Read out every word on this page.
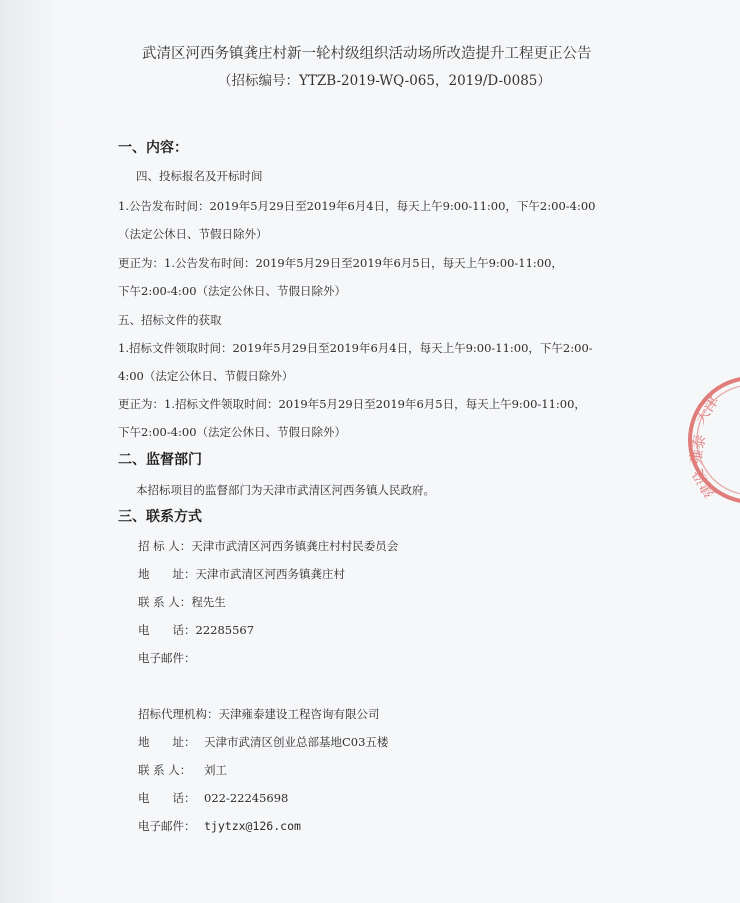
武清区河西务镇龚庄村新一轮村级组织活动场所改造提升工程更正公告
（招标编号：YTZB-2019-WQ-065，2019/D-0085）
一、内容：
四、投标报名及开标时间
1.公告发布时间：2019年5月29日至2019年6月4日，每天上午9:00-11:00，下午2:00-4:00
（法定公休日、节假日除外）
更正为：1.公告发布时间：2019年5月29日至2019年6月5日，每天上午9:00-11:00，
下午2:00-4:00（法定公休日、节假日除外）
五、招标文件的获取
1.招标文件领取时间：2019年5月29日至2019年6月4日，每天上午9:00-11:00，下午2:00-
4:00（法定公休日、节假日除外）
更正为：1.招标文件领取时间：2019年5月29日至2019年6月5日，每天上午9:00-11:00，
下午2:00-4:00（法定公休日、节假日除外）
二、监督部门
本招标项目的监督部门为天津市武清区河西务镇人民政府。
三、联系方式
招 标 人：天津市武清区河西务镇龚庄村村民委员会
地　　址：天津市武清区河西务镇龚庄村
联 系 人：程先生
电　　话：22285567
电子邮件：
招标代理机构：天津雍泰建设工程咨询有限公司
地　　址： 天津市武清区创业总部基地C03五楼
联 系 人： 刘工
电　　话： 022-22245698
电子邮件： tjytzx@126.com
天津
雍泰
建设
